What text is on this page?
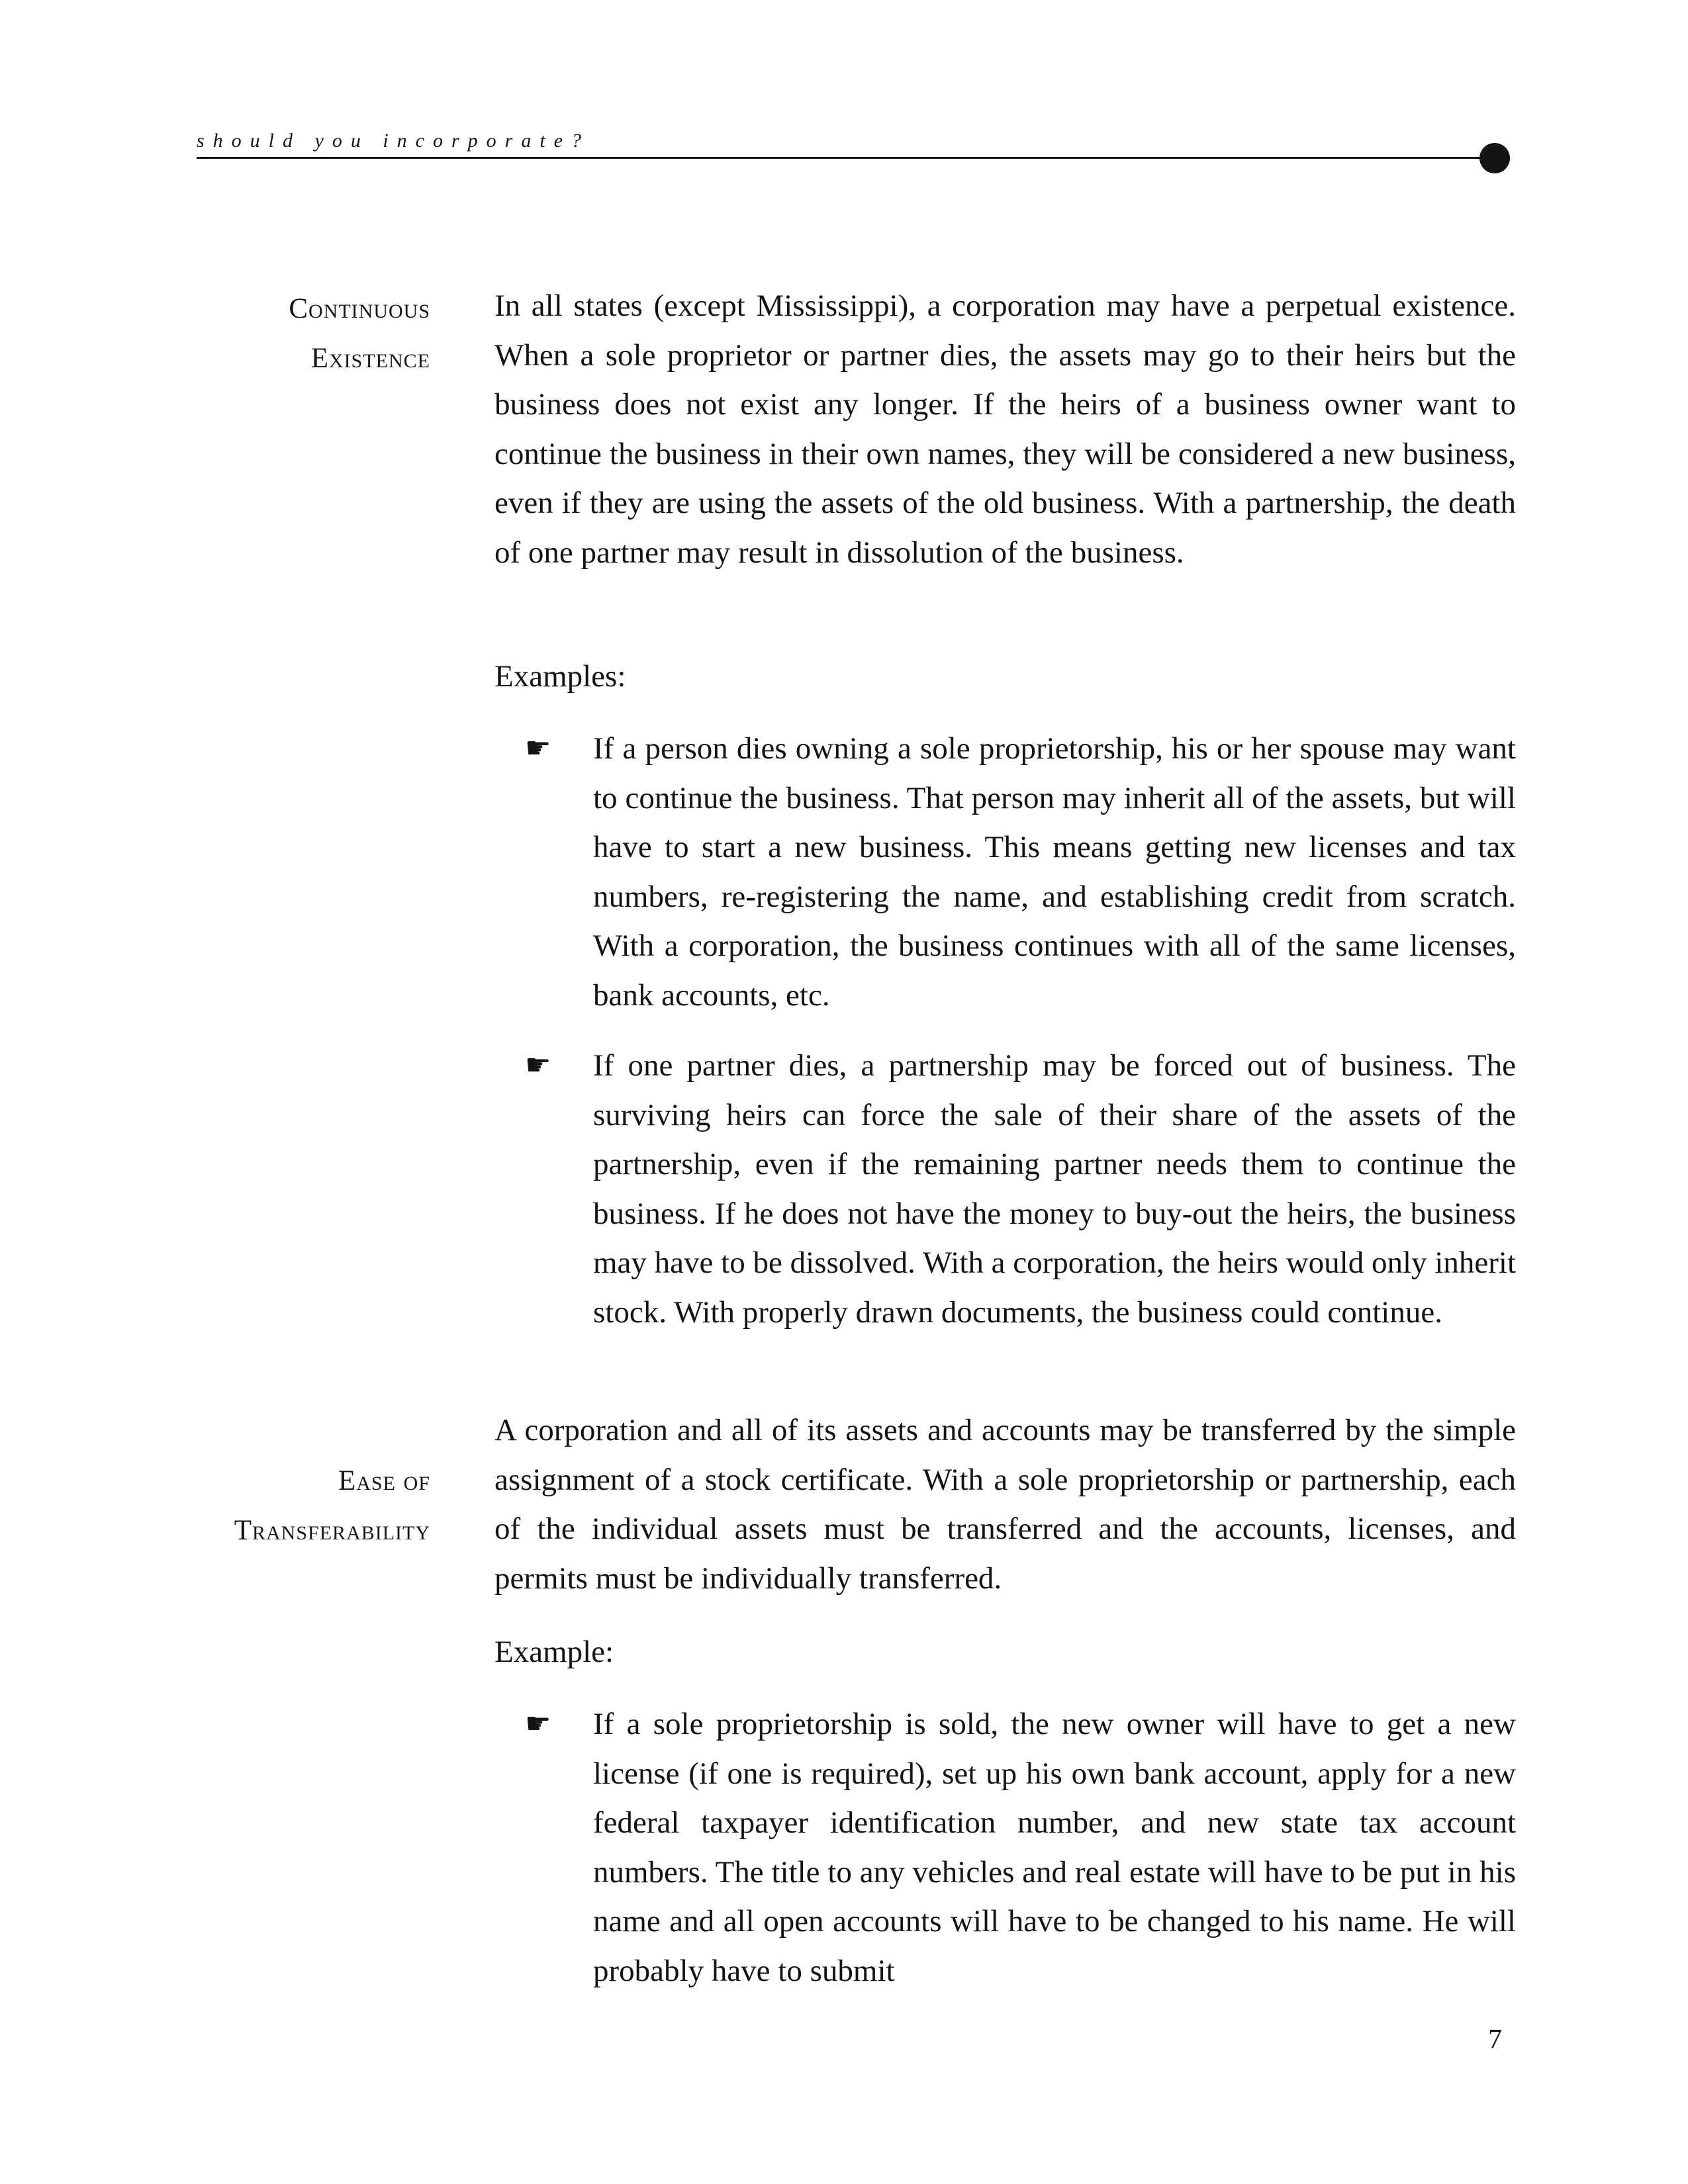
should you incorporate?
Continuous
Existence

In all states (except Mississippi), a corporation may have a perpetual existence. When a sole proprietor or partner dies, the assets may go to their heirs but the business does not exist any longer. If the heirs of a business owner want to continue the business in their own names, they will be considered a new business, even if they are using the assets of the old business. With a partnership, the death of one partner may result in dissolution of the business.

Examples:

☛ If a person dies owning a sole proprietorship, his or her spouse may want to continue the business. That person may inherit all of the assets, but will have to start a new business. This means getting new licenses and tax numbers, re-registering the name, and establishing credit from scratch. With a corporation, the business continues with all of the same licenses, bank accounts, etc.

☛ If one partner dies, a partnership may be forced out of business. The surviving heirs can force the sale of their share of the assets of the partnership, even if the remaining partner needs them to continue the business. If he does not have the money to buy-out the heirs, the business may have to be dissolved. With a corporation, the heirs would only inherit stock. With properly drawn documents, the business could continue.

Ease of
Transferability

A corporation and all of its assets and accounts may be transferred by the simple assignment of a stock certificate. With a sole proprietorship or partnership, each of the individual assets must be transferred and the accounts, licenses, and permits must be individually transferred.

Example:

☛ If a sole proprietorship is sold, the new owner will have to get a new license (if one is required), set up his own bank account, apply for a new federal taxpayer identification number, and new state tax account numbers. The title to any vehicles and real estate will have to be put in his name and all open accounts will have to be changed to his name. He will probably have to submit

7
